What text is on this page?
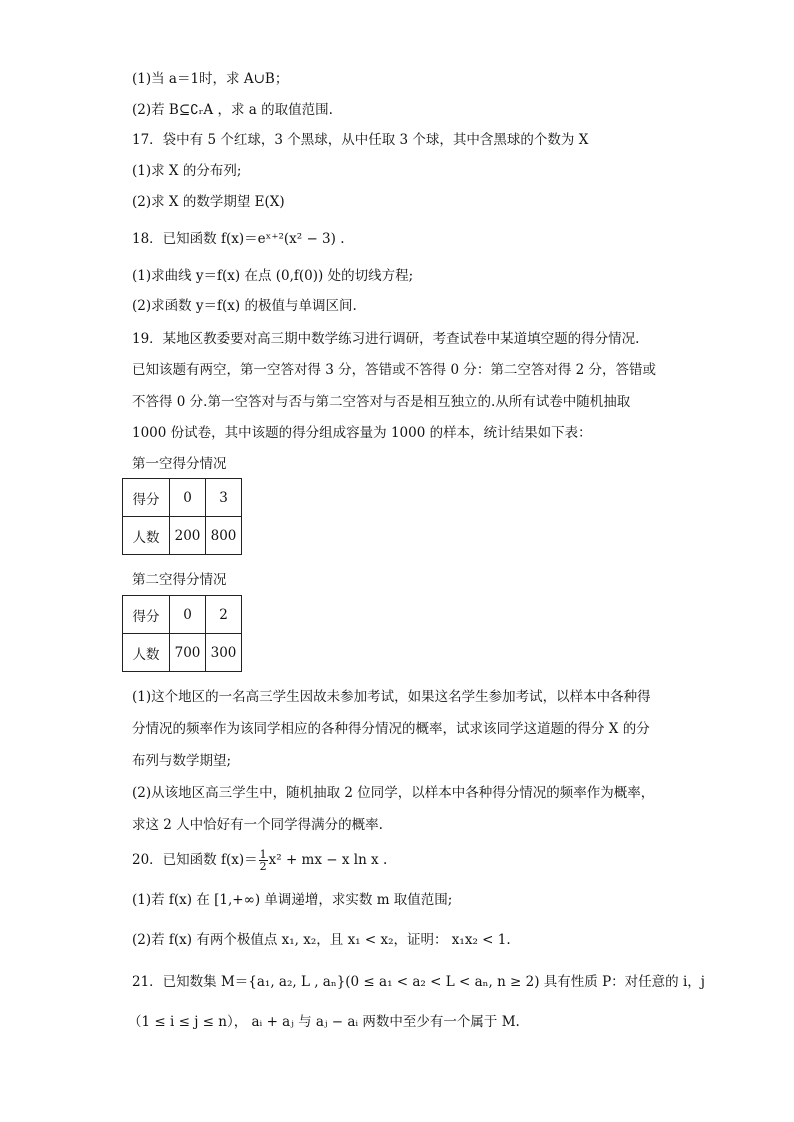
(1)当 a＝1时，求 A∪B；
(2)若 B⊆∁ᵣA ，求 a 的取值范围.
17．袋中有 5 个红球，3 个黑球，从中任取 3 个球，其中含黑球的个数为 X
(1)求 X 的分布列;
(2)求 X 的数学期望 E(X)
18．已知函数 f(x)＝eˣ⁺²(x² − 3) .
(1)求曲线 y＝f(x) 在点 (0,f(0)) 处的切线方程;
(2)求函数 y＝f(x) 的极值与单调区间.
19．某地区教委要对高三期中数学练习进行调研，考查试卷中某道填空题的得分情况.
已知该题有两空，第一空答对得 3 分，答错或不答得 0 分：第二空答对得 2 分，答错或
不答得 0 分.第一空答对与否与第二空答对与否是相互独立的.从所有试卷中随机抽取
1000 份试卷，其中该题的得分组成容量为 1000 的样本，统计结果如下表：
第一空得分情况
得分	0	3
人数	200	800
第二空得分情况
得分	0	2
人数	700	300
(1)这个地区的一名高三学生因故未参加考试，如果这名学生参加考试，以样本中各种得
分情况的频率作为该同学相应的各种得分情况的概率，试求该同学这道题的得分 X 的分
布列与数学期望;
(2)从该地区高三学生中，随机抽取 2 位同学，以样本中各种得分情况的频率作为概率，
求这 2 人中恰好有一个同学得满分的概率.
20．已知函数 $f(x)= \frac{1}{2} x^2$ + mx − x ln x .
(1)若 f(x) 在 [1,+∞) 单调递增，求实数 m 取值范围;
(2)若 f(x) 有两个极值点 x₁, x₂，且 x₁ < x₂，证明： x₁x₂ < 1.
21．已知数集 M＝{a₁, a₂, L , aₙ}(0 ≤ a₁ < a₂ < L < aₙ, n ≥ 2) 具有性质 P：对任意的 i，j
（1 ≤ i ≤ j ≤ n）， aᵢ + aⱼ 与 aⱼ − aᵢ 两数中至少有一个属于 M.
